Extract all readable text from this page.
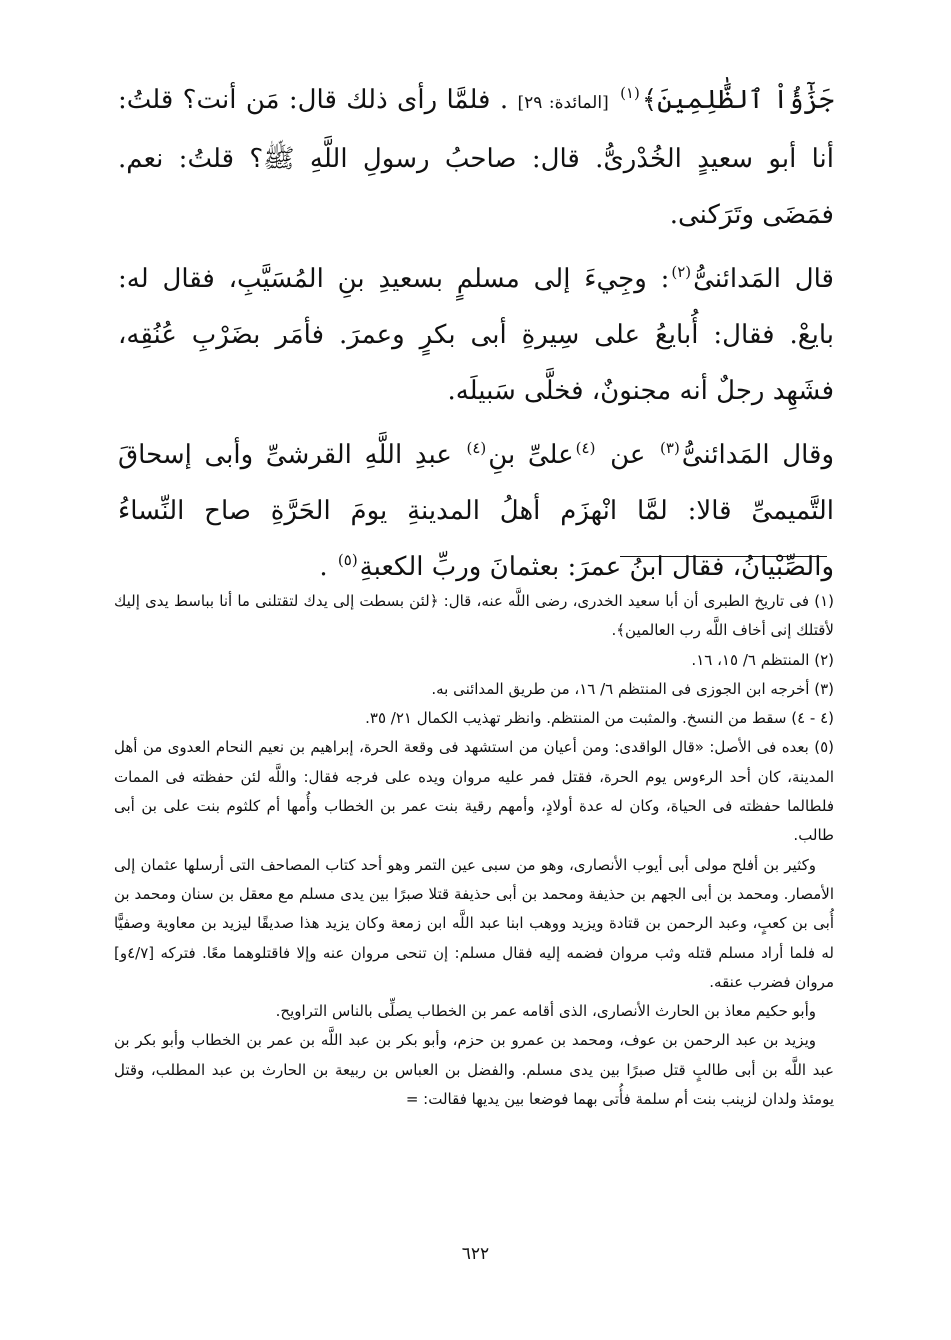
جَزَٰٓؤُاْ ٱلظَّٰلِمِينَ﴾$^{(١)}$ [المائدة: ٢٩] . فلمَّا رأى ذلك قال: مَن أنت؟ قلتُ: أنا أبو سعيدٍ الخُدْرىُّ. قال: صاحبُ رسولِ اللَّهِ ﷺ؟ قلتُ: نعم. فمَضَى وتَرَكنى.

قال المَدائنىُّ$^{(٢)}$: وجِيءَ إلى مسلمٍ بسعيدِ بنِ المُسَيَّبِ، فقال له: بايعْ. فقال: أُبايعُ على سِيرةِ أبى بكرٍ وعمرَ. فأمَر بضَرْبِ عُنُقِه، فشَهِد رجلٌ أنه مجنونٌ، فخلَّى سَبيلَه.

وقال المَدائنىُّ$^{(٣)}$ عن $^{(٤)}$علىِّ بنِ$^{(٤)}$ عبدِ اللَّهِ القرشىِّ وأبى إسحاقَ التَّميمىِّ قالا: لمَّا انْهزَم أهلُ المدينةِ يومَ الحَرَّةِ صاح النِّساءُ والصِّبْيانُ، فقال ابنُ عمرَ: بعثمانَ وربِّ الكعبةِ$^{(٥)}$ .

(١) فى تاريخ الطبرى أن أبا سعيد الخدرى، رضى اللَّه عنه، قال: ﴿لئن بسطت إلى يدك لتقتلنى ما أنا بباسط يدى إليك لأقتلك إنى أخاف اللَّه رب العالمين﴾.

(٢) المنتظم ٦/ ١٥، ١٦.

(٣) أخرجه ابن الجوزى فى المنتظم ٦/ ١٦، من طريق المدائنى به.

(٤ - ٤) سقط من النسخ. والمثبت من المنتظم. وانظر تهذيب الكمال ٢١/ ٣٥.

(٥) بعده فى الأصل: «قال الواقدى: ومن أعيان من استشهد فى وقعة الحرة، إبراهيم بن نعيم النحام العدوى من أهل المدينة، كان أحد الرءوس يوم الحرة، فقتل فمر عليه مروان ويده على فرجه فقال: واللَّه لئن حفظته فى الممات فلطالما حفظته فى الحياة، وكان له عدة أولادٍ، وأمهم رقية بنت عمر بن الخطاب وأُمها أم كلثوم بنت على بن أبى طالب.

وكثير بن أفلح مولى أبى أيوب الأنصارى، وهو من سبى عين التمر وهو أحد كتاب المصاحف التى أرسلها عثمان إلى الأمصار. ومحمد بن أبى الجهم بن حذيفة ومحمد بن أبى حذيفة قتلا صبرًا بين يدى مسلم مع معقل بن سنان ومحمد بن أُبى بن كعبٍ، وعبد الرحمن بن قتادة ويزيد ووهب ابنا عبد اللَّه ابن زمعة وكان يزيد هذا صديقًا ليزيد بن معاوية وصفيًّا له فلما أراد مسلم قتله وثب مروان فضمه إليه فقال مسلم: إن تنحى مروان عنه وإلا فاقتلوهما معًا. فتركه [٤/٧و] مروان فضرب عنقه.

وأبو حكيم معاذ بن الحارث الأنصارى، الذى أقامه عمر بن الخطاب يصلِّى بالناس التراويح.

ويزيد بن عبد الرحمن بن عوف، ومحمد بن عمرو بن حزم، وأبو بكر بن عبد اللَّه بن عمر بن الخطاب وأبو بكر بن عبد اللَّه بن أبى طالبٍ قتل صبرًا بين يدى مسلم. والفضل بن العباس بن ربيعة بن الحارث بن عبد المطلب، وقتل يومئذ ولدان لزينب بنت أم سلمة فأُتى بهما فوضعا بين يديها فقالت: =

٦٢٢
